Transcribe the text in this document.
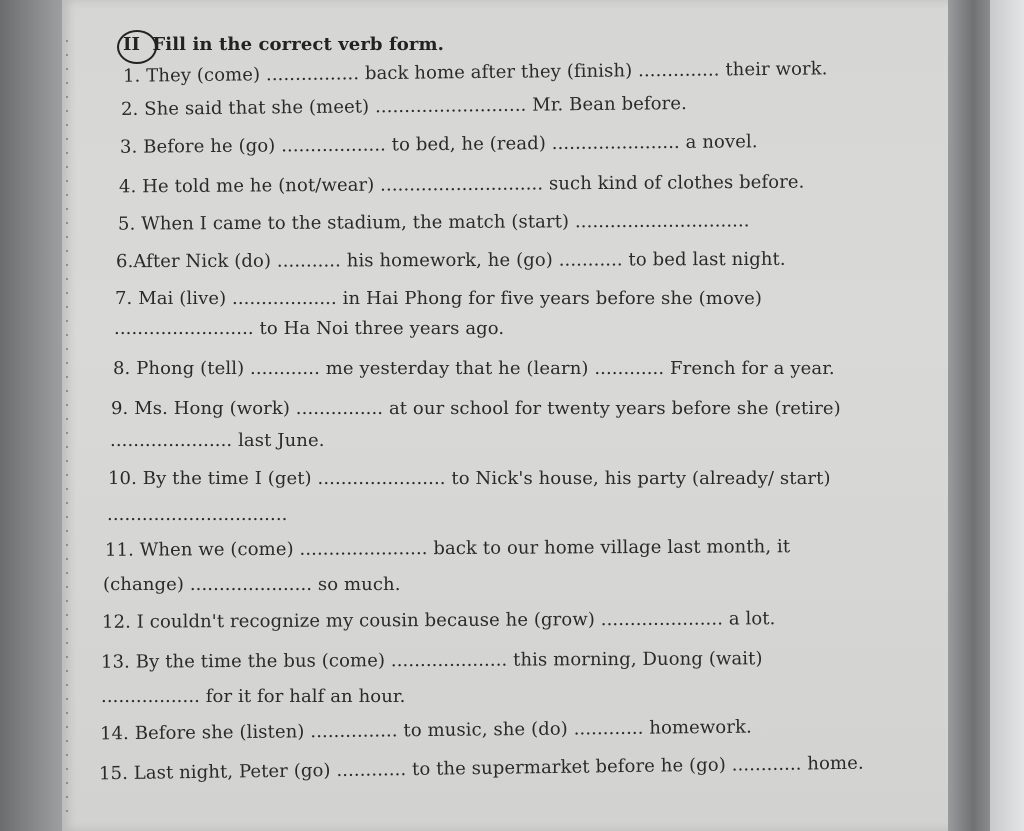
II Fill in the correct verb form.
1. They (come) ................ back home after they (finish) .............. their work.
2. She said that she (meet) .......................... Mr. Bean before.
3. Before he (go) .................. to bed, he (read) ...................... a novel.
4. He told me he (not/wear) ............................ such kind of clothes before.
5. When I came to the stadium, the match (start) ..............................
6.After Nick (do) ........... his homework, he (go) ........... to bed last night.
7. Mai (live) .................. in Hai Phong for five years before she (move)
........................ to Ha Noi three years ago.
8. Phong (tell) ............ me yesterday that he (learn) ............ French for a year.
9. Ms. Hong (work) ............... at our school for twenty years before she (retire)
..................... last June.
10. By the time I (get) ...................... to Nick's house, his party (already/ start)
...............................
11. When we (come) ...................... back to our home village last month, it
(change) ..................... so much.
12. I couldn't recognize my cousin because he (grow) ..................... a lot.
13. By the time the bus (come) .................... this morning, Duong (wait)
................. for it for half an hour.
14. Before she (listen) ............... to music, she (do) ............ homework.
15. Last night, Peter (go) ............ to the supermarket before he (go) ............ home.
